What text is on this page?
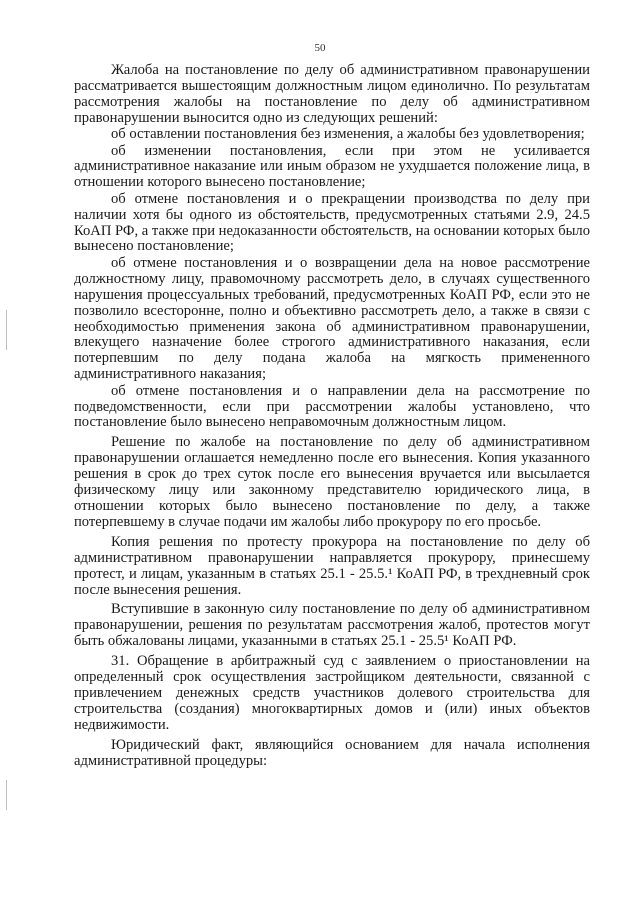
50

Жалоба на постановление по делу об административном правонарушении рассматривается вышестоящим должностным лицом единолично. По результатам рассмотрения жалобы на постановление по делу об административном правонарушении выносится одно из следующих решений:

об оставлении постановления без изменения, а жалобы без удовлетворения;

об изменении постановления, если при этом не усиливается административное наказание или иным образом не ухудшается положение лица, в отношении которого вынесено постановление;

об отмене постановления и о прекращении производства по делу при наличии хотя бы одного из обстоятельств, предусмотренных статьями 2.9, 24.5 КоАП РФ, а также при недоказанности обстоятельств, на основании которых было вынесено постановление;

об отмене постановления и о возвращении дела на новое рассмотрение должностному лицу, правомочному рассмотреть дело, в случаях существенного нарушения процессуальных требований, предусмотренных КоАП РФ, если это не позволило всесторонне, полно и объективно рассмотреть дело, а также в связи с необходимостью применения закона об административном правонарушении, влекущего назначение более строгого административного наказания, если потерпевшим по делу подана жалоба на мягкость примененного административного наказания;

об отмене постановления и о направлении дела на рассмотрение по подведомственности, если при рассмотрении жалобы установлено, что постановление было вынесено неправомочным должностным лицом.

Решение по жалобе на постановление по делу об административном правонарушении оглашается немедленно после его вынесения. Копия указанного решения в срок до трех суток после его вынесения вручается или высылается физическому лицу или законному представителю юридического лица, в отношении которых было вынесено постановление по делу, а также потерпевшему в случае подачи им жалобы либо прокурору по его просьбе.

Копия решения по протесту прокурора на постановление по делу об административном правонарушении направляется прокурору, принесшему протест, и лицам, указанным в статьях 25.1 - 25.5.¹ КоАП РФ, в трехдневный срок после вынесения решения.

Вступившие в законную силу постановление по делу об административном правонарушении, решения по результатам рассмотрения жалоб, протестов могут быть обжалованы лицами, указанными в статьях 25.1 - 25.5¹ КоАП РФ.

31. Обращение в арбитражный суд с заявлением о приостановлении на определенный срок осуществления застройщиком деятельности, связанной с привлечением денежных средств участников долевого строительства для строительства (создания) многоквартирных домов и (или) иных объектов недвижимости.

Юридический факт, являющийся основанием для начала исполнения административной процедуры:
